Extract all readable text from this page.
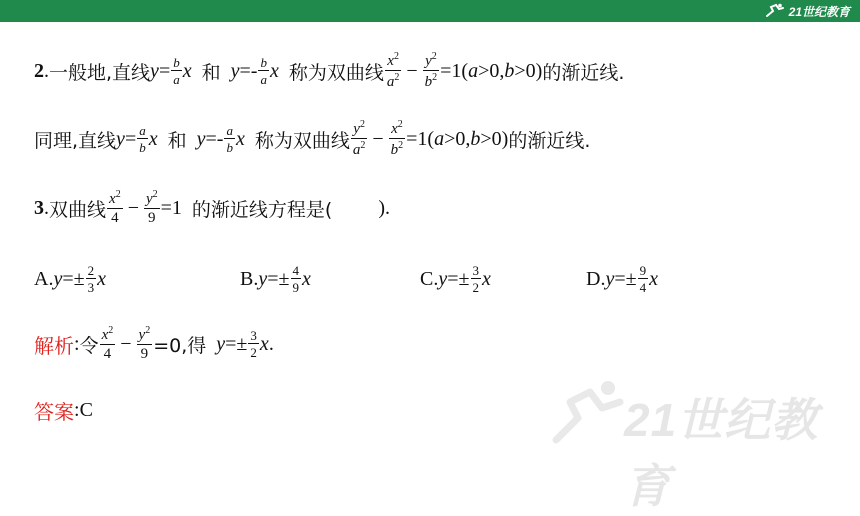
21世纪教育
21世纪教育
2 . 一般地,直线 $y = \frac{b}{a}$ x 和 $y =- \frac{b}{a}$ x 称为双曲线 $\frac{x^2}{a^2} - \frac{y^2}{b^2} =1$( a >0, b >0) 的渐近线.
同理,直线 $y = \frac{a}{b}$ x 和 $y =- \frac{a}{b}$ x 称为双曲线 $\frac{y^2}{a^2} - \frac{x^2}{b^2} =1$( a >0, b >0) 的渐近线.
3 . 双曲线 $\frac{x^2}{4} - \frac{y^2}{9} =1$ 的渐近线方程是( ).
A. $y =\pm \frac{2}{3}$ x	B. $y =\pm \frac{4}{9}$ x	C. $y =\pm \frac{3}{2}$ x	D. $y =\pm \frac{9}{4}$ x
解析 : 令 $\frac{x^2}{4} - \frac{y^2}{9} =0$,得 $y =\pm \frac{3}{2}$ x .
答案 : C
